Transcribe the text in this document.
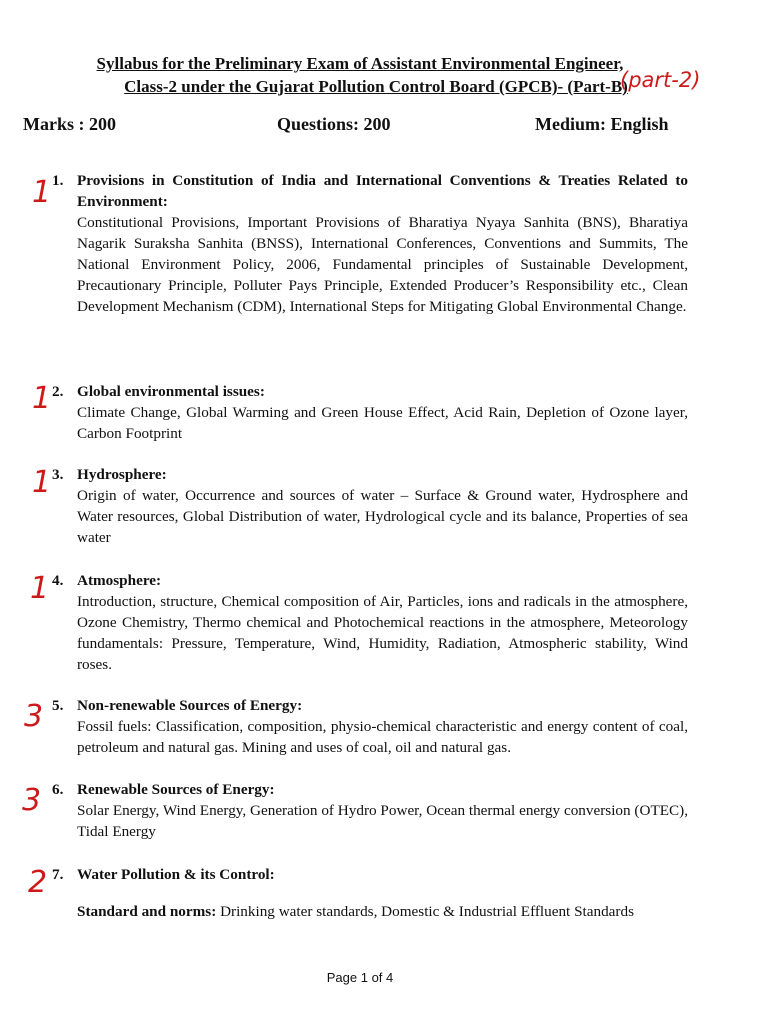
Syllabus for the Preliminary Exam of Assistant Environmental Engineer,
Class-2 under the Gujarat Pollution Control Board (GPCB)- (Part-B)
(part-2)
Marks : 200	Questions: 200	Medium: English
1. Provisions in Constitution of India and International Conventions & Treaties Related to Environment:
Constitutional Provisions, Important Provisions of Bharatiya Nyaya Sanhita (BNS), Bharatiya Nagarik Suraksha Sanhita (BNSS), International Conferences, Conventions and Summits, The National Environment Policy, 2006, Fundamental principles of Sustainable Development, Precautionary Principle, Polluter Pays Principle, Extended Producer’s Responsibility etc., Clean Development Mechanism (CDM), International Steps for Mitigating Global Environmental Change.
1
2. Global environmental issues:
Climate Change, Global Warming and Green House Effect, Acid Rain, Depletion of Ozone layer, Carbon Footprint
1
3. Hydrosphere:
Origin of water, Occurrence and sources of water – Surface & Ground water, Hydrosphere and Water resources, Global Distribution of water, Hydrological cycle and its balance, Properties of sea water
1
4. Atmosphere:
Introduction, structure, Chemical composition of Air, Particles, ions and radicals in the atmosphere, Ozone Chemistry, Thermo chemical and Photochemical reactions in the atmosphere, Meteorology fundamentals: Pressure, Temperature, Wind, Humidity, Radiation, Atmospheric stability, Wind roses.
1
5. Non-renewable Sources of Energy:
Fossil fuels: Classification, composition, physio-chemical characteristic and energy content of coal, petroleum and natural gas. Mining and uses of coal, oil and natural gas.
3
6. Renewable Sources of Energy:
Solar Energy, Wind Energy, Generation of Hydro Power, Ocean thermal energy conversion (OTEC), Tidal Energy
3
7. Water Pollution & its Control:
Standard and norms: Drinking water standards, Domestic & Industrial Effluent Standards
2
Page 1 of 4
